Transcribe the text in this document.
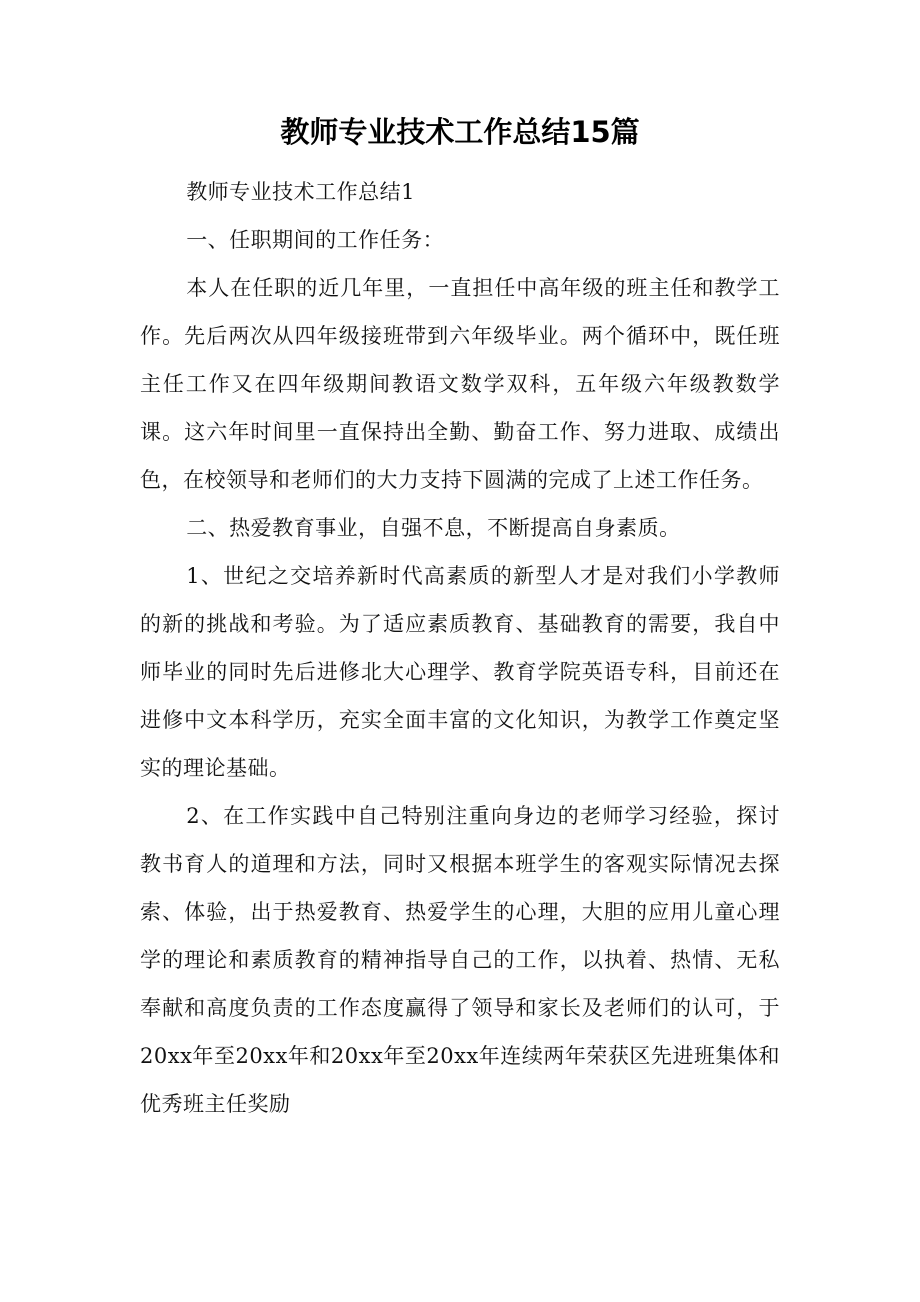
教师专业技术工作总结15篇

教师专业技术工作总结1

一、任职期间的工作任务：

本人在任职的近几年里，一直担任中高年级的班主任和教学工作。先后两次从四年级接班带到六年级毕业。两个循环中，既任班主任工作又在四年级期间教语文数学双科，五年级六年级教数学课。这六年时间里一直保持出全勤、勤奋工作、努力进取、成绩出色，在校领导和老师们的大力支持下圆满的完成了上述工作任务。

二、热爱教育事业，自强不息，不断提高自身素质。

1、世纪之交培养新时代高素质的新型人才是对我们小学教师的新的挑战和考验。为了适应素质教育、基础教育的需要，我自中师毕业的同时先后进修北大心理学、教育学院英语专科，目前还在进修中文本科学历，充实全面丰富的文化知识，为教学工作奠定坚实的理论基础。

2、在工作实践中自己特别注重向身边的老师学习经验，探讨教书育人的道理和方法，同时又根据本班学生的客观实际情况去探索、体验，出于热爱教育、热爱学生的心理，大胆的应用儿童心理学的理论和素质教育的精神指导自己的工作，以执着、热情、无私奉献和高度负责的工作态度赢得了领导和家长及老师们的认可，于20xx年至20xx年和20xx年至20xx年连续两年荣获区先进班集体和优秀班主任奖励
